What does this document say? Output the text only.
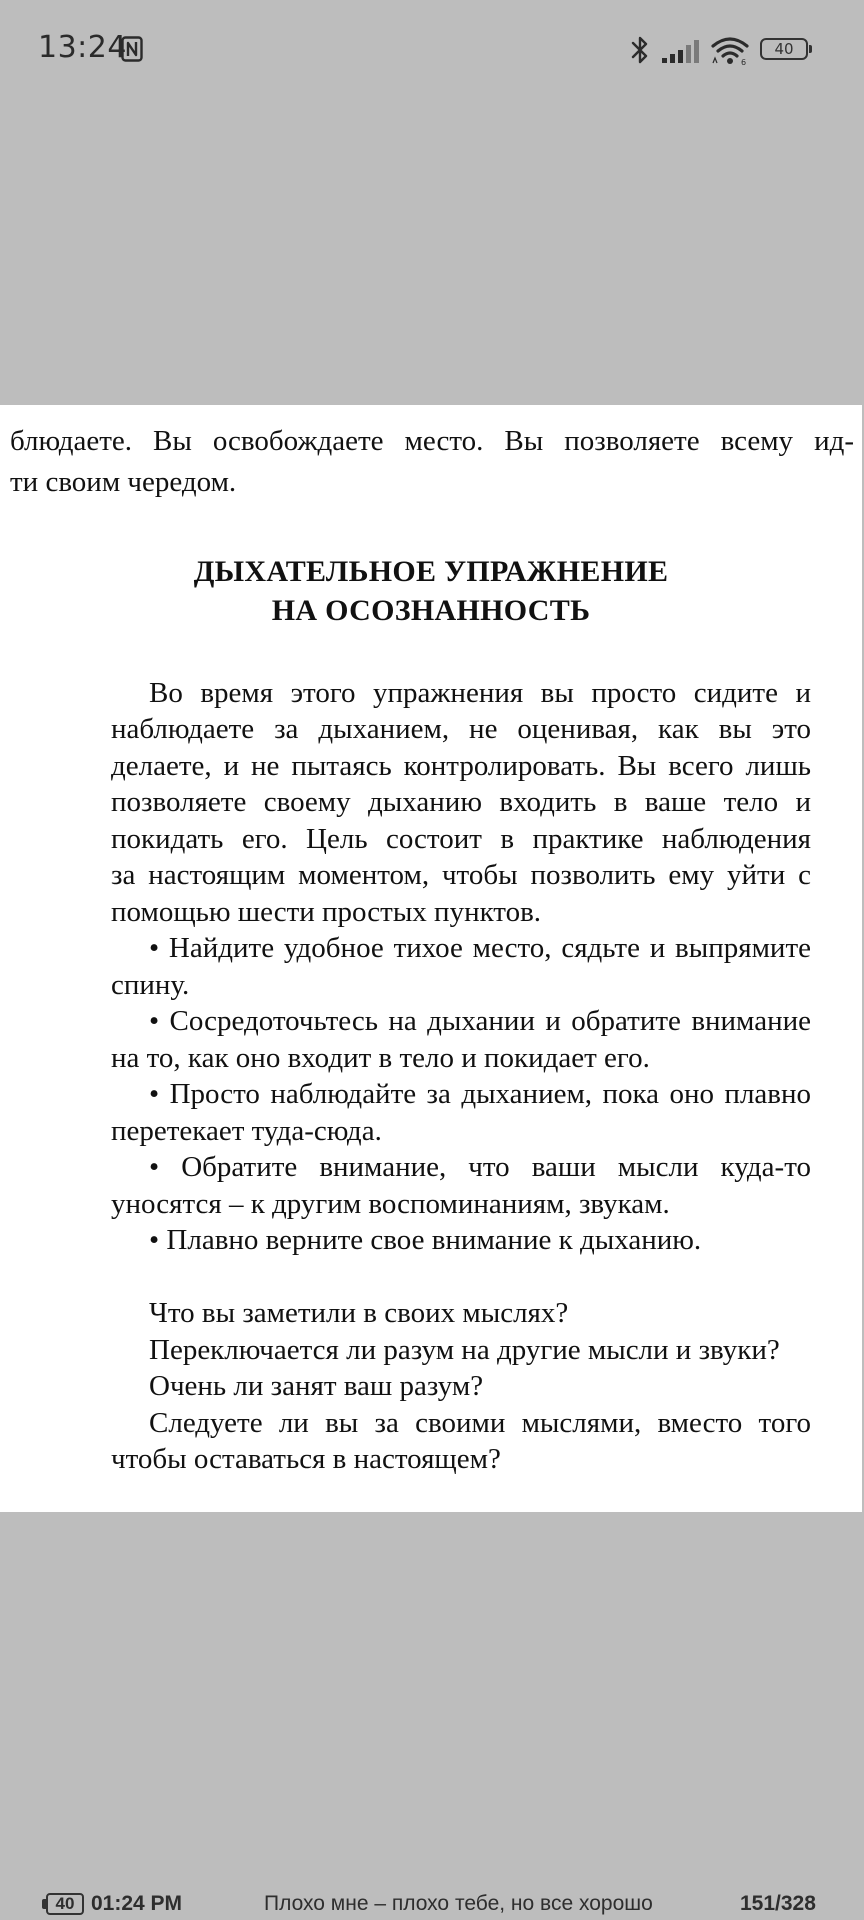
13:24	6
40

блюдаете. Вы освобождаете место. Вы позволяете всему ид-

ти своим чередом.

ДЫХАТЕЛЬНОЕ УПРАЖНЕНИЕ

НА ОСОЗНАННОСТЬ

Во время этого упражнения вы просто сидите и

наблюдаете за дыханием, не оценивая, как вы это

делаете, и не пытаясь контролировать. Вы всего лишь

позволяете своему дыханию входить в ваше тело и

покидать его. Цель состоит в практике наблюдения

за настоящим моментом, чтобы позволить ему уйти с

помощью шести простых пунктов.

• Найдите удобное тихое место, сядьте и выпрямите

спину.

• Сосредоточьтесь на дыхании и обратите внимание

на то, как оно входит в тело и покидает его.

• Просто наблюдайте за дыханием, пока оно плавно

перетекает туда-сюда.

• Обратите внимание, что ваши мысли куда-то

уносятся – к другим воспоминаниям, звукам.

• Плавно верните свое внимание к дыханию.

Что вы заметили в своих мыслях?

Переключается ли разум на другие мысли и звуки?

Очень ли занят ваш разум?

Следуете ли вы за своими мыслями, вместо того

чтобы оставаться в настоящем?

40 01:24 PM	Плохо мне – плохо тебе, но все хорошо	151/328
